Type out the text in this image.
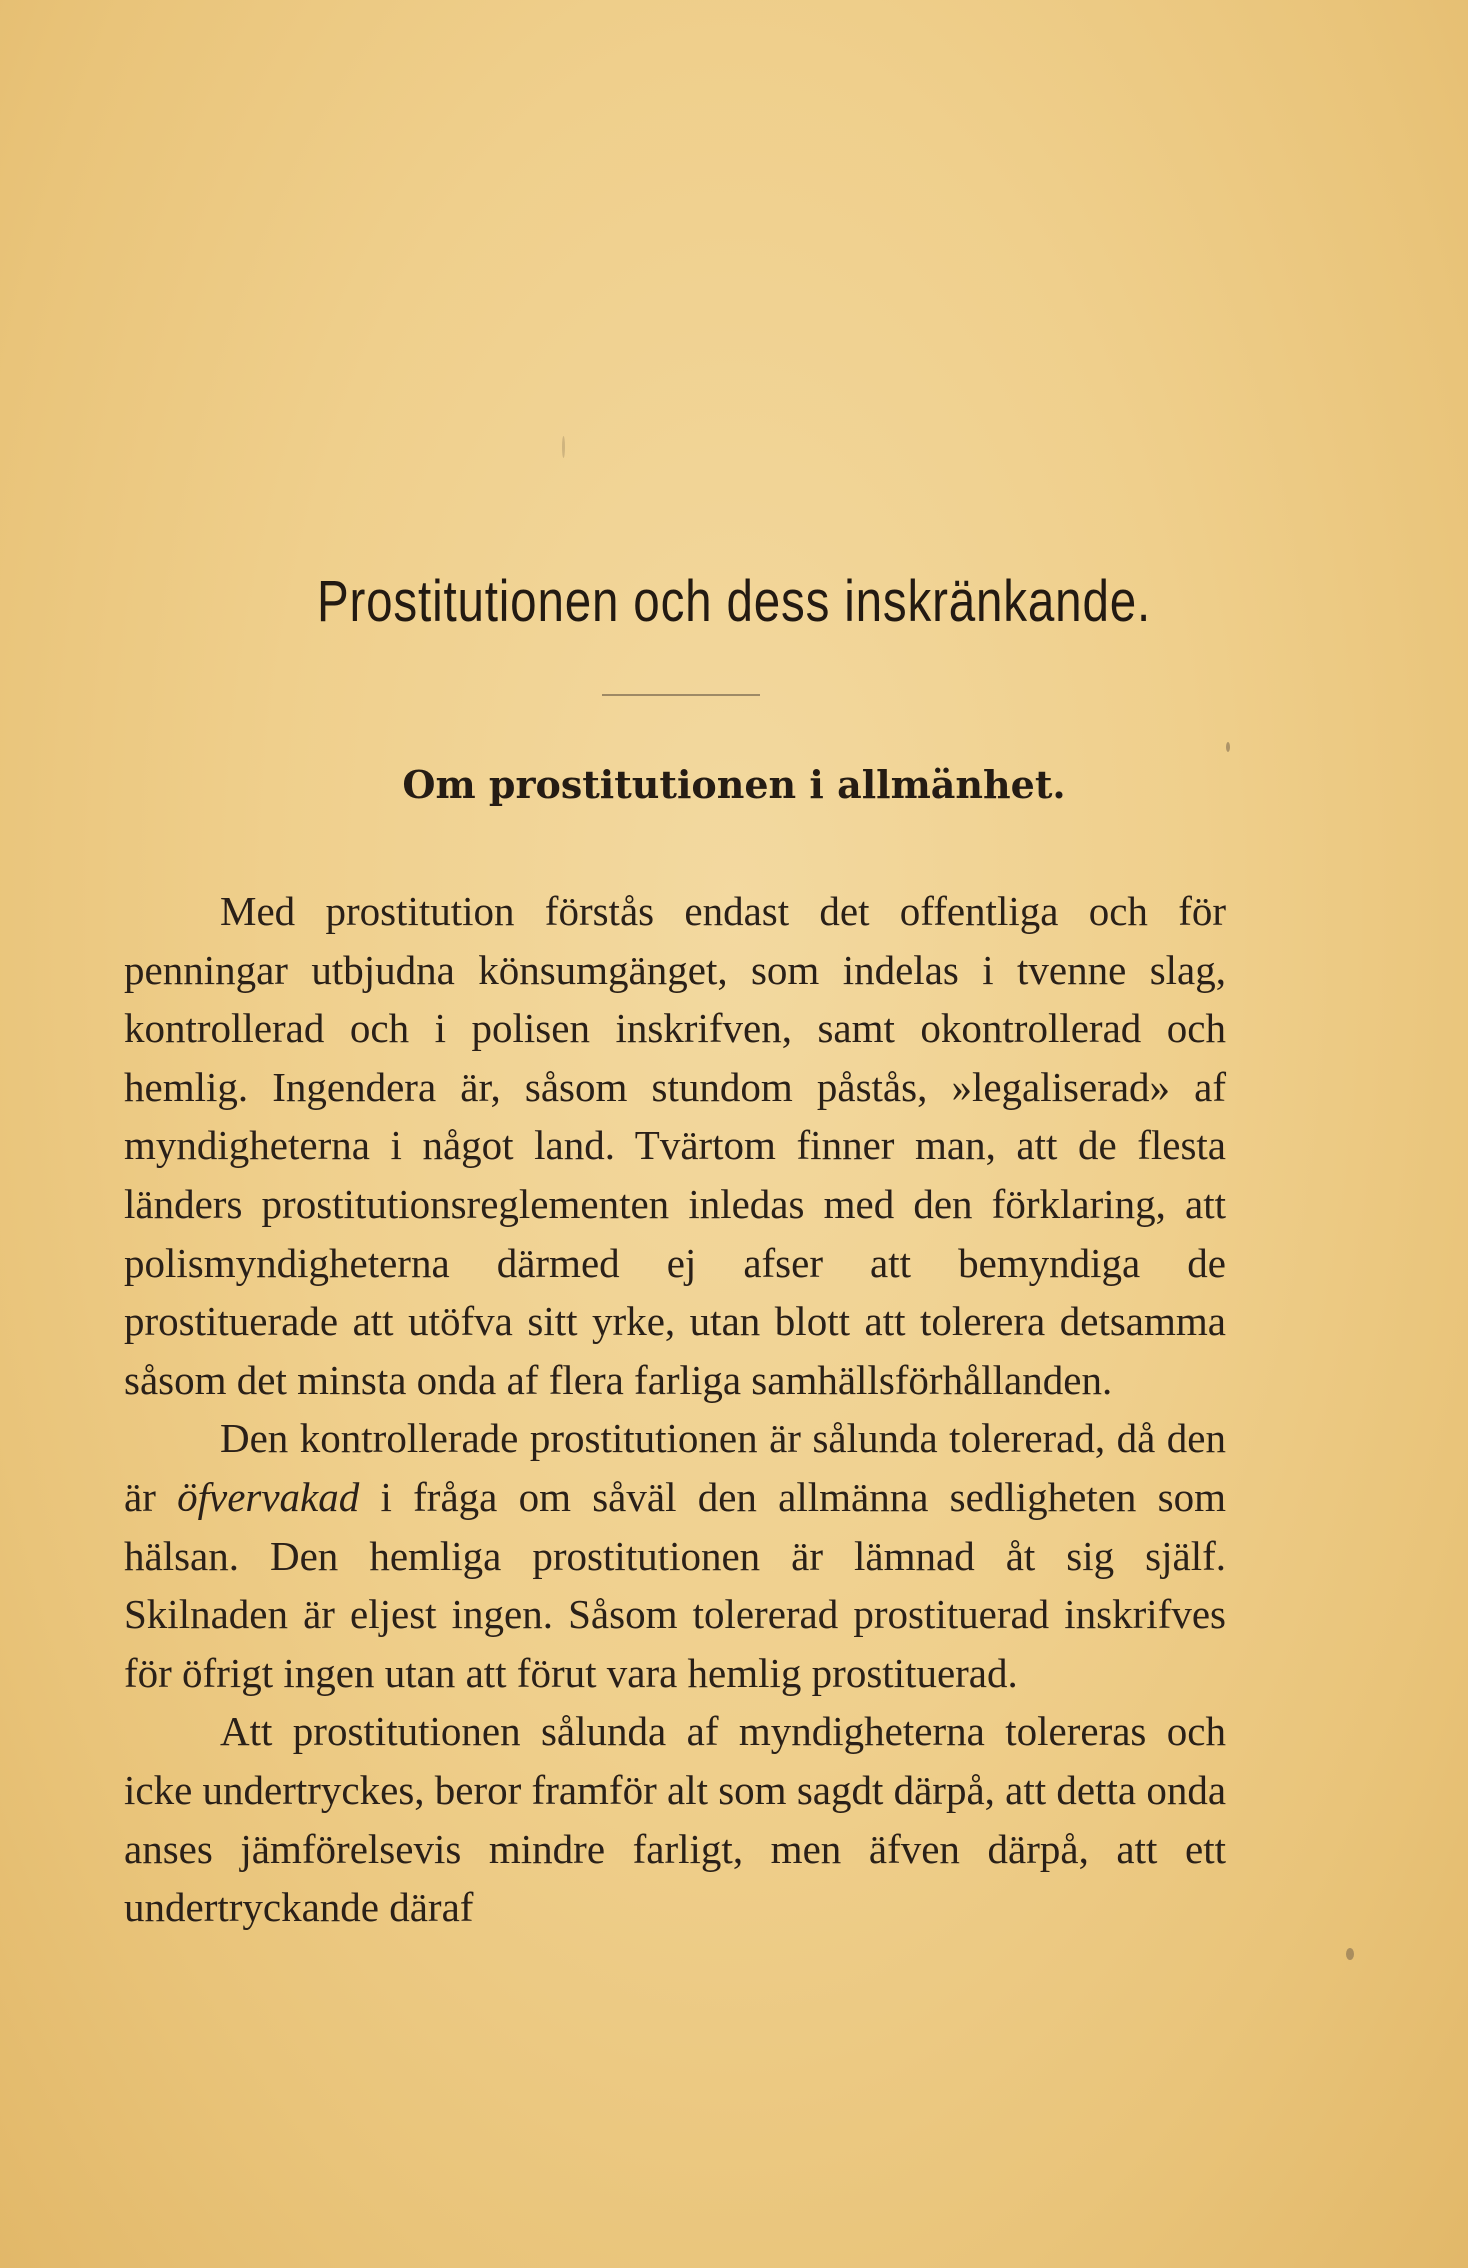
Prostitutionen och dess inskränkande.
Om prostitutionen i allmänhet.

Med prostitution förstås endast det offentliga och för penningar utbjudna könsumgänget, som indelas i tvenne slag, kontrollerad och i polisen inskrifven, samt okontrollerad och hemlig. Ingendera är, såsom stundom påstås, »legaliserad» af myndigheterna i något land. Tvärtom finner man, att de flesta länders prostitutionsreglementen inledas med den förklaring, att polismyndigheterna därmed ej afser att bemyndiga de prostituerade att utöfva sitt yrke, utan blott att tolerera detsamma såsom det minsta onda af flera farliga samhällsförhållanden.

Den kontrollerade prostitutionen är sålunda tolererad, då den är öfvervakad i fråga om såväl den allmänna sedligheten som hälsan. Den hemliga prostitutionen är lämnad åt sig själf. Skilnaden är eljest ingen. Såsom tolererad prostituerad inskrifves för öfrigt ingen utan att förut vara hemlig prostituerad.

Att prostitutionen sålunda af myndigheterna tolereras och icke undertryckes, beror framför alt som sagdt därpå, att detta onda anses jämförelsevis mindre farligt, men äfven därpå, att ett undertryckande däraf
